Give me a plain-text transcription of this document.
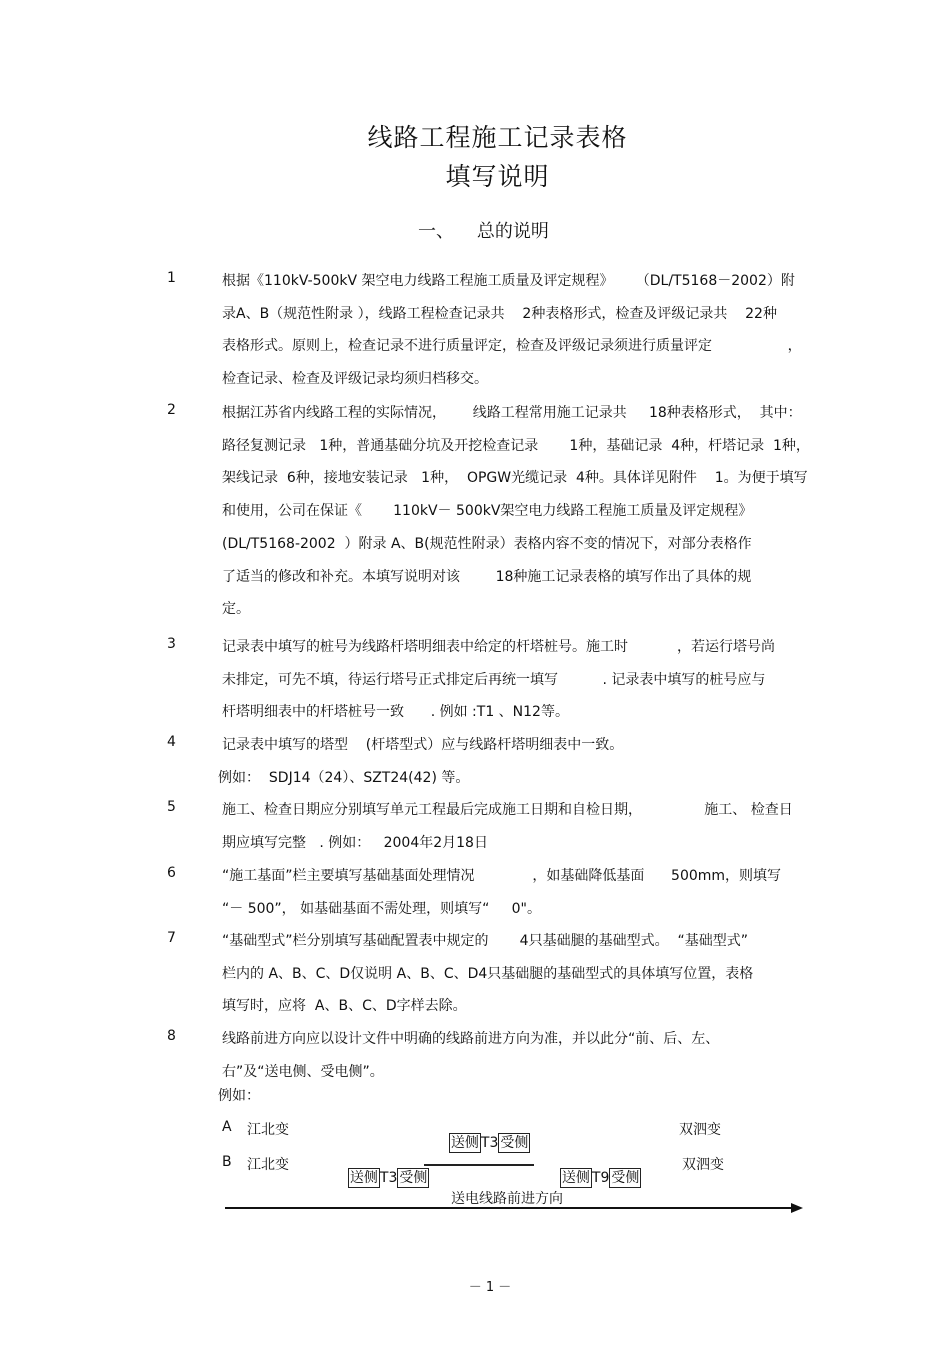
线路工程施工记录表格
填写说明
一、    总的说明
1	根据《110kV-500kV 架空电力线路工程施工质量及评定规程》     （DL/T5168－2002）附
录A、B（规范性附录 ），线路工程检查记录共    2种表格形式，检查及评级记录共    22种
表格形式。原则上，检查记录不进行质量评定，检查及评级记录须进行质量评定                 ，
检查记录、检查及评级记录均须归档移交。
2	根据江苏省内线路工程的实际情况，      线路工程常用施工记录共     18种表格形式，  其中：
路径复测记录   1种，普通基础分坑及开挖检查记录       1种，基础记录  4种，杆塔记录  1种，
架线记录  6种，接地安装记录   1种，  OPGW光缆记录  4种。具体详见附件    1。为便于填写
和使用，公司在保证《       110kV－ 500kV架空电力线路工程施工质量及评定规程》
(DL/T5168-2002  ）附录 A、B(规范性附录）表格内容不变的情况下，对部分表格作
了适当的修改和补充。本填写说明对该        18种施工记录表格的填写作出了具体的规
定。
3	记录表中填写的桩号为线路杆塔明细表中给定的杆塔桩号。施工时           ，若运行塔号尚
未排定，可先不填，待运行塔号正式排定后再统一填写          . 记录表中填写的桩号应与
杆塔明细表中的杆塔桩号一致      . 例如 :T1 、N12等。
4	记录表中填写的塔型    (杆塔型式）应与线路杆塔明细表中一致。
例如：  SDJ14（24）、SZT24(42) 等。
5	施工、检查日期应分别填写单元工程最后完成施工日期和自检日期，              施工、 检查日
期应填写完整   . 例如：   2004年2月18日
6	“施工基面”栏主要填写基础基面处理情况             ，如基础降低基面      500mm，则填写
“－ 500”， 如基础基面不需处理，则填写“     0"。
7	“基础型式”栏分别填写基础配置表中规定的       4只基础腿的基础型式。  “基础型式”
栏内的 A、B、C、D仅说明 A、B、C、D4只基础腿的基础型式的具体填写位置，表格
填写时，应将  A、B、C、D字样去除。
8	线路前进方向应以设计文件中明确的线路前进方向为准，并以此分“前、后、左、
右”及“送电侧、受电侧”。
例如：
A 江北变

送侧 T3 受侧

双泗变
B 江北变

送侧 T3 受侧	送侧 T9 受侧

双泗变
送电线路前进方向
－ 1 －
